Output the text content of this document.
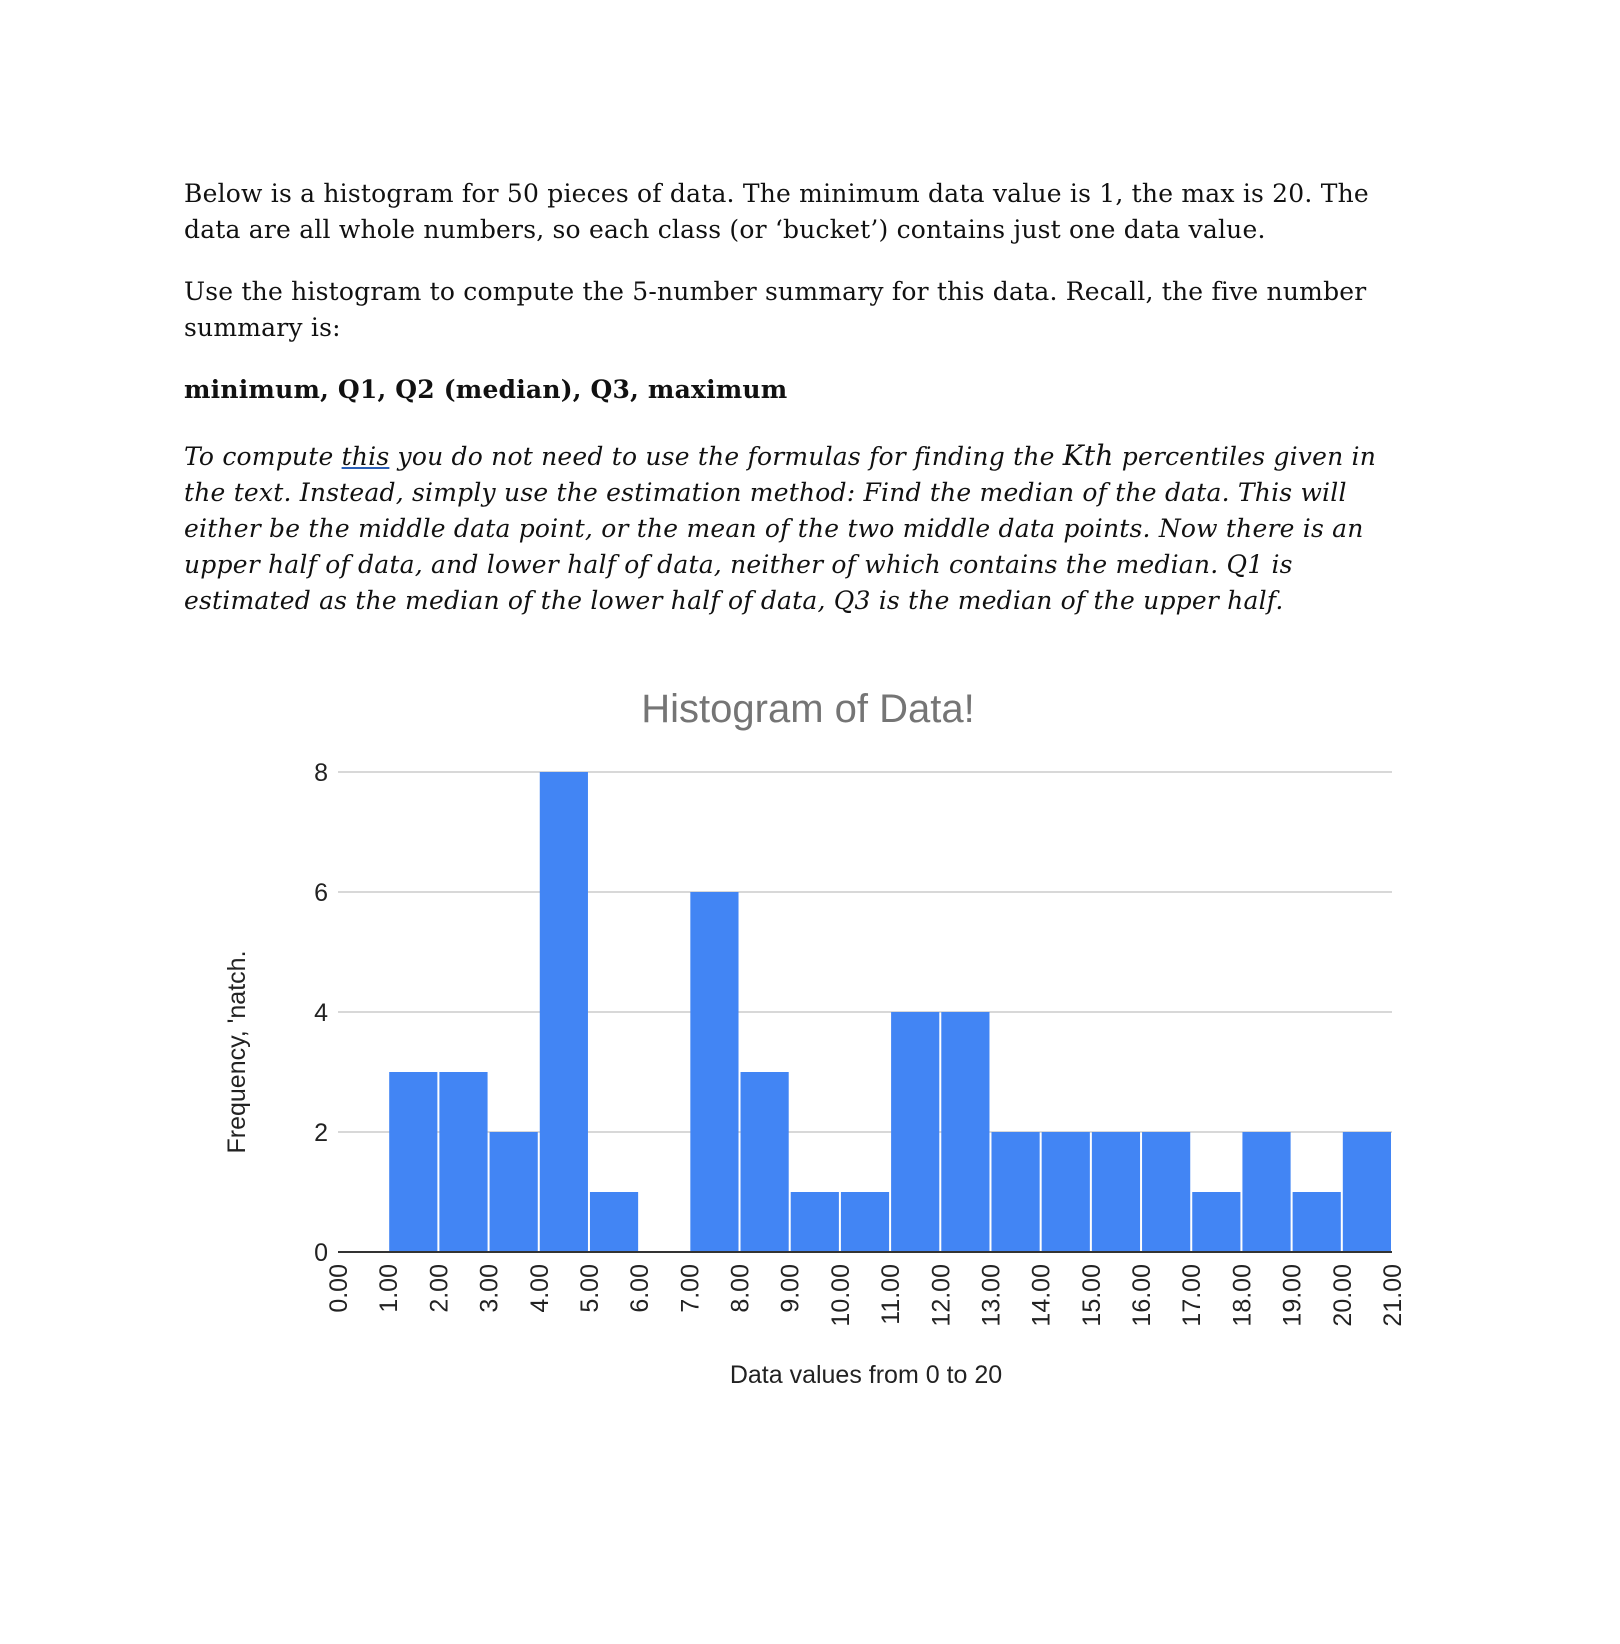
Below is a histogram for 50 pieces of data. The minimum data value is 1, the max is 20. The data are all whole numbers, so each class (or ‘bucket’) contains just one data value.

Use the histogram to compute the 5-number summary for this data. Recall, the five number summary is:

minimum, Q1, Q2 (median), Q3, maximum

To compute this you do not need to use the formulas for finding the Kth percentiles given in the text. Instead, simply use the estimation method: Find the median of the data. This will either be the middle data point, or the mean of the two middle data points. Now there is an upper half of data, and lower half of data, neither of which contains the median. Q1 is estimated as the median of the lower half of data, Q3 is the median of the upper half.

Histogram of Data!
0
2
4
6
8
0.00 1.00 2.00 3.00 4.00 5.00 6.00 7.00 8.00 9.00 10.00 11.00 12.00 13.00 14.00 15.00 16.00 17.00 18.00 19.00 20.00 21.00
Frequency, 'natch.
Data values from 0 to 20
